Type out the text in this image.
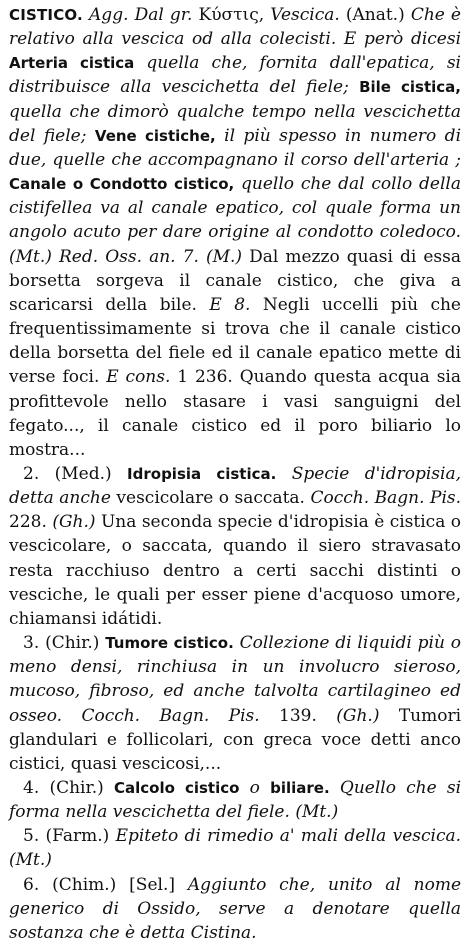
CISTICO. Agg. Dal gr. Κύστις, Vescica. (Anat.) Che è relativo alla vescica od alla colecisti. E però dicesi Arteria cistica quella che, fornita dall'epatica, si distribuisce alla vescichetta del fiele; Bile cistica, quella che dimorò qualche tempo nella vescichetta del fiele; Vene cistiche, il più spesso in numero di due, quelle che accompagnano il corso dell'arteria ; Canale o Condotto cistico, quello che dal collo della cistifellea va al canale epatico, col quale forma un angolo acuto per dare origine al condotto coledoco. (Mt.) Red. Oss. an. 7. (M.) Dal mezzo quasi di essa borsetta sorgeva il canale cistico, che giva a scaricarsi della bile. E 8. Negli uccelli più che frequentissimamente si trova che il canale cistico della borsetta del fiele ed il canale epatico mette di verse foci. E cons. 1 236. Quando questa acqua sia profittevole nello stasare i vasi sanguigni del fegato..., il canale cistico ed il poro biliario lo mostra...

2. (Med.) Idropisia cistica. Specie d'idropisia, detta anche vescicolare o saccata. Cocch. Bagn. Pis. 228. (Gh.) Una seconda specie d'idropisia è cistica o vescicolare, o saccata, quando il siero stravasato resta racchiuso dentro a certi sacchi distinti o vesciche, le quali per esser piene d'acquoso umore, chiamansi idátidi.

3. (Chir.) Tumore cistico. Collezione di liquidi più o meno densi, rinchiusa in un involucro sieroso, mucoso, fibroso, ed anche talvolta cartilagineo ed osseo. Cocch. Bagn. Pis. 139. (Gh.) Tumori glandulari e follicolari, con greca voce detti anco cistici, quasi vescicosi,...

4. (Chir.) Calcolo cistico o biliare. Quello che si forma nella vescichetta del fiele. (Mt.)

5. (Farm.) Epiteto di rimedio a' mali della vescica. (Mt.)

6. (Chim.) [Sel.] Aggiunto che, unito al nome generico di Ossido, serve a denotare quella sostanza che è detta Cistina.
